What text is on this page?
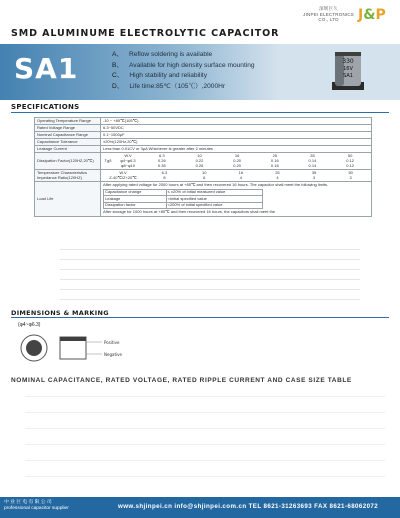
深圳巨久
JINPEI ELECTRONICS
CO., LTD	J&P
SMD ALUMINUME ELECTROLYTIC CAPACITOR
SA1	A、 Reflow soldering is available
B、 Available for high density surface mounting
C、 High stability and reliability
D、 Life time:85℃（105℃）,2000Hr
330
16V
SA1
SPECIFICATIONS
Operating Temperature Range	-10 ~ +85℃(105℃)
Rated Voltage Range	6.3~50VDC
Nominal Capacitance Range	0.1~1500μF
Capacitance Tolerance	±20%(120Hz,20℃)
Leakage Current	Less than 0.01CV or 3μA Whichever is greater after 2 minutes
Dissipation Factor(120HZ,20℃)		Tgδ	W.V	6.3	10	16	25	35	50
φ4~φ6.3	0.26	0.22	0.20	0.16	0.14	0.12
φ8~φ10	0.35	0.26	0.20	0.16	0.14	0.12

Temperature Characteristics Impedance Ratio(120HZ)	
W.V	6.3	10	16	25	35	50
Z-40℃/Z+20℃	8	6	4	4	3	3

Load Life	
After applying rated voltage for 2000 hours at +85℃ and then recovered 16 hours. The capacitor shall meet the following limits.
Capacitance change	≤ ±20% of initial measured value
Leakage	<Initial specified value
Dissipation factor	<200% of initial specified value
After storage for 1000 hours at +85℃ and then recovered 16 hours, the capacitors shall meet the
DIMENSIONS & MARKING
(φ4~φ6.3)
Positive
Negative
NOMINAL CAPACITANCE, RATED VOLTAGE, RATED RIPPLE CURRENT AND CASE SIZE TABLE
中 业 巨 电 有 限 公 司
professional capacitor supplier	www.shjinpei.cn info@shjinpei.com.cn TEL 8621-31263693 FAX 8621-68062072
